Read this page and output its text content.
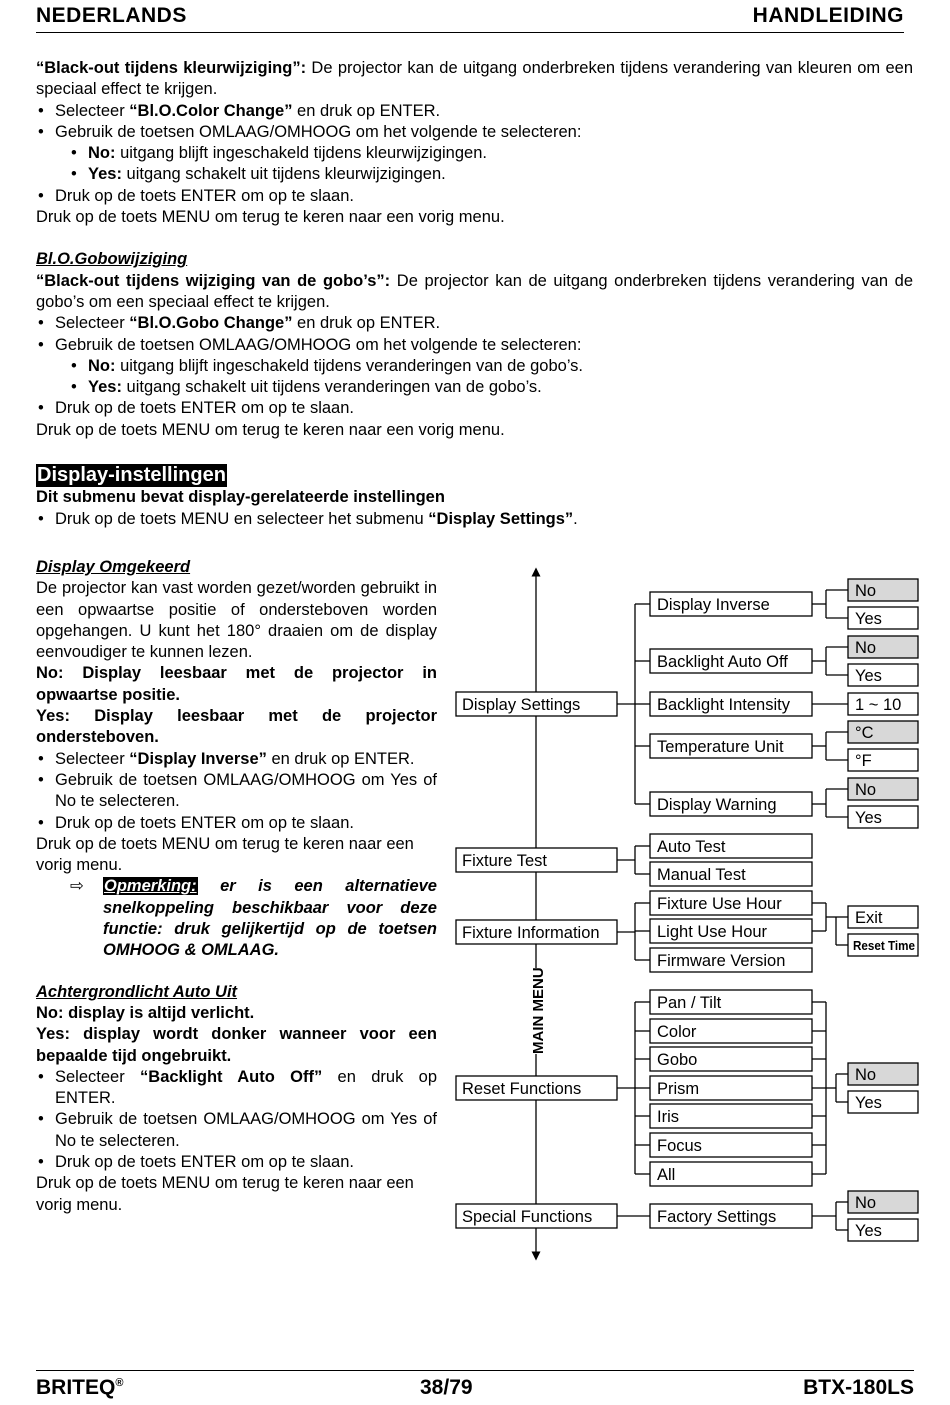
NEDERLANDS	HANDLEIDING

“Black-out tijdens kleurwijziging”: De projector kan de uitgang onderbreken tijdens verandering van kleuren om een speciaal effect te krijgen.

• Selecteer “Bl.O.Color Change” en druk op ENTER.
• Gebruik de toetsen OMLAAG/OMHOOG om het volgende te selecteren:
• No: uitgang blijft ingeschakeld tijdens kleurwijzigingen.
• Yes: uitgang schakelt uit tijdens kleurwijzigingen.
• Druk op de toets ENTER om op te slaan.

Druk op de toets MENU om terug te keren naar een vorig menu.

Bl.O.Gobowijziging

“Black-out tijdens wijziging van de gobo’s”: De projector kan de uitgang onderbreken tijdens verandering van de gobo’s om een speciaal effect te krijgen.

• Selecteer “Bl.O.Gobo Change” en druk op ENTER.
• Gebruik de toetsen OMLAAG/OMHOOG om het volgende te selecteren:
• No: uitgang blijft ingeschakeld tijdens veranderingen van de gobo’s.
• Yes: uitgang schakelt uit tijdens veranderingen van de gobo’s.
• Druk op de toets ENTER om op te slaan.

Druk op de toets MENU om terug te keren naar een vorig menu.

Display-instellingen

Dit submenu bevat display-gerelateerde instellingen

• Druk op de toets MENU en selecteer het submenu “Display Settings”.

Display Omgekeerd

De projector kan vast worden gezet/worden gebruikt in een opwaartse positie of ondersteboven worden opgehangen. U kunt het 180° draaien om de display eenvoudiger te kunnen lezen.

No: Display leesbaar met de projector in opwaartse positie.

Yes: Display leesbaar met de projector ondersteboven.

• Selecteer “Display Inverse” en druk op ENTER.
• Gebruik de toetsen OMLAAG/OMHOOG om Yes of No te selecteren.
• Druk op de toets ENTER om op te slaan.

Druk op de toets MENU om terug te keren naar een vorig menu.

⇨ Opmerking: er is een alternatieve snelkoppeling beschikbaar voor deze functie: druk gelijkertijd op de toetsen OMHOOG & OMLAAG.

Achtergrondlicht Auto Uit

No: display is altijd verlicht.

Yes: display wordt donker wanneer voor een bepaalde tijd ongebruikt.

• Selecteer “Backlight Auto Off” en druk op ENTER.
• Gebruik de toetsen OMLAAG/OMHOOG om Yes of No te selecteren.
• Druk op de toets ENTER om op te slaan.

Druk op de toets MENU om terug te keren naar een vorig menu.

MAIN MENU
Display Settings
Fixture Test
Fixture Information
Reset Functions
Special Functions
Display Inverse
Backlight Auto Off
Backlight Intensity
Temperature Unit
Display Warning
Auto Test
Manual Test
Fixture Use Hour
Light Use Hour
Firmware Version
Pan / Tilt
Color
Gobo
Prism
Iris
Focus
All
Factory Settings
No
Yes
No
Yes
1 ~ 10
°C
°F
No
Yes
Exit
Reset Time
No
Yes
No
Yes
BRITEQ®	38/79	BTX-180LS
